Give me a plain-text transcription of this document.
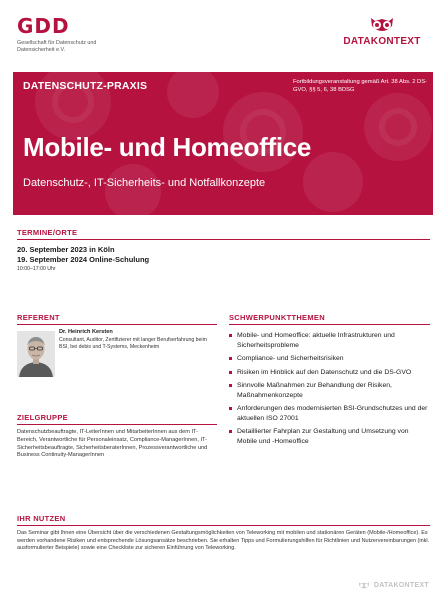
GDD
Gesellschaft für Datenschutz und Datensicherheit e.V.
DATAKONTEXT
DATENSCHUTZ-PRAXIS	Fortbildungsveranstaltung gemäß Art. 38 Abs. 2 DS-GVO, §§ 5, 6, 38 BDSG
Mobile- und Homeoffice
Datenschutz-, IT-Sicherheits- und Notfallkonzepte
TERMINE/ORTE
20. September 2023 in Köln
19. September 2024 Online-Schulung
10:00–17:00 Uhr
REFERENT
Dr. Heinrich Kersten
Consultant, Auditor, Zertifizierer mit langer Berufserfahrung beim BSI, bei debis und T-Systems, Meckenheim
ZIELGRUPPE
Datenschutzbeauftragte, IT-LeiterInnen und MitarbeiterInnen aus dem IT-Bereich, Verantwortliche für Personaleinsatz, Compliance-ManagerInnen, IT-Sicherheitsbeauftragte, SicherheitsberaterInnen, Prozessverantwortliche und Business Continuity-ManagerInnen
SCHWERPUNKTTHEMEN
Mobile- und Homeoffice: aktuelle Infrastrukturen und Sicherheitsprobleme
Compliance- und Sicherheitsrisiken
Risiken im Hinblick auf den Datenschutz und die DS-GVO
Sinnvolle Maßnahmen zur Behandlung der Risiken, Maßnahmenkonzepte
Anforderungen des modernisierten BSI-Grundschutzes und der aktuellen ISO 27001
Detaillierter Fahrplan zur Gestaltung und Umsetzung von Mobile und -Homeoffice
IHR NUTZEN
Das Seminar gibt Ihnen eine Übersicht über die verschiedenen Gestaltungsmöglichkeiten von Teleworking mit mobilen und stationären Geräten (Mobile-/Homeoffice). Es werden vorhandene Risiken und entsprechende Lösungsansätze beschrieben. Sie erhalten Tipps und Formulierungshilfen für Richtlinien und Nutzervereinbarungen (inkl. ausformulierter Beispiele) sowie eine Checkliste zur sicheren Einführung von Teleworking.
DATAKONTEXT
